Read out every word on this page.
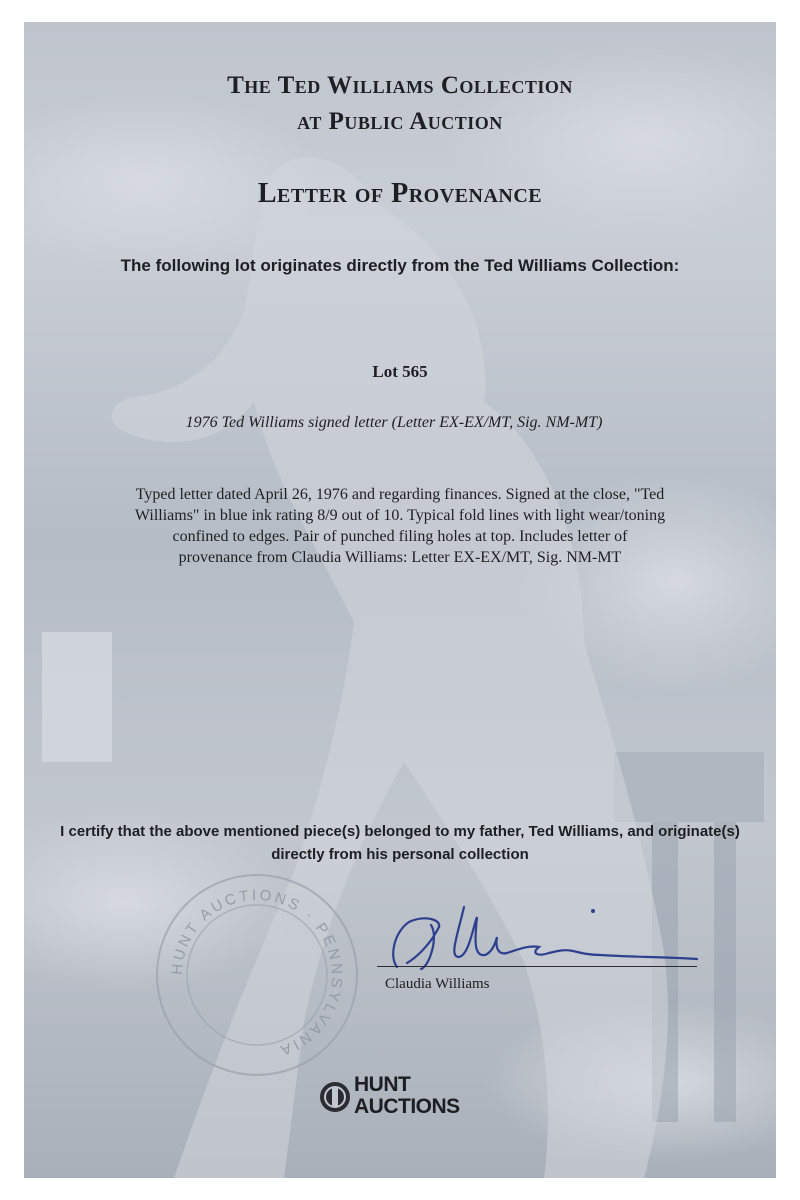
The Ted Williams Collection
at Public Auction
Letter of Provenance
The following lot originates directly from the Ted Williams Collection:
Lot 565
1976 Ted Williams signed letter (Letter EX-EX/MT, Sig. NM-MT)
Typed letter dated April 26, 1976 and regarding finances. Signed at the close, "Ted Williams" in blue ink rating 8/9 out of 10. Typical fold lines with light wear/toning confined to edges. Pair of punched filing holes at top. Includes letter of provenance from Claudia Williams: Letter EX-EX/MT, Sig. NM-MT
I certify that the above mentioned piece(s) belonged to my father, Ted Williams, and originate(s) directly from his personal collection
HUNT AUCTIONS · PENNSYLVANIA
Claudia Williams
HUNT
AUCTIONS
